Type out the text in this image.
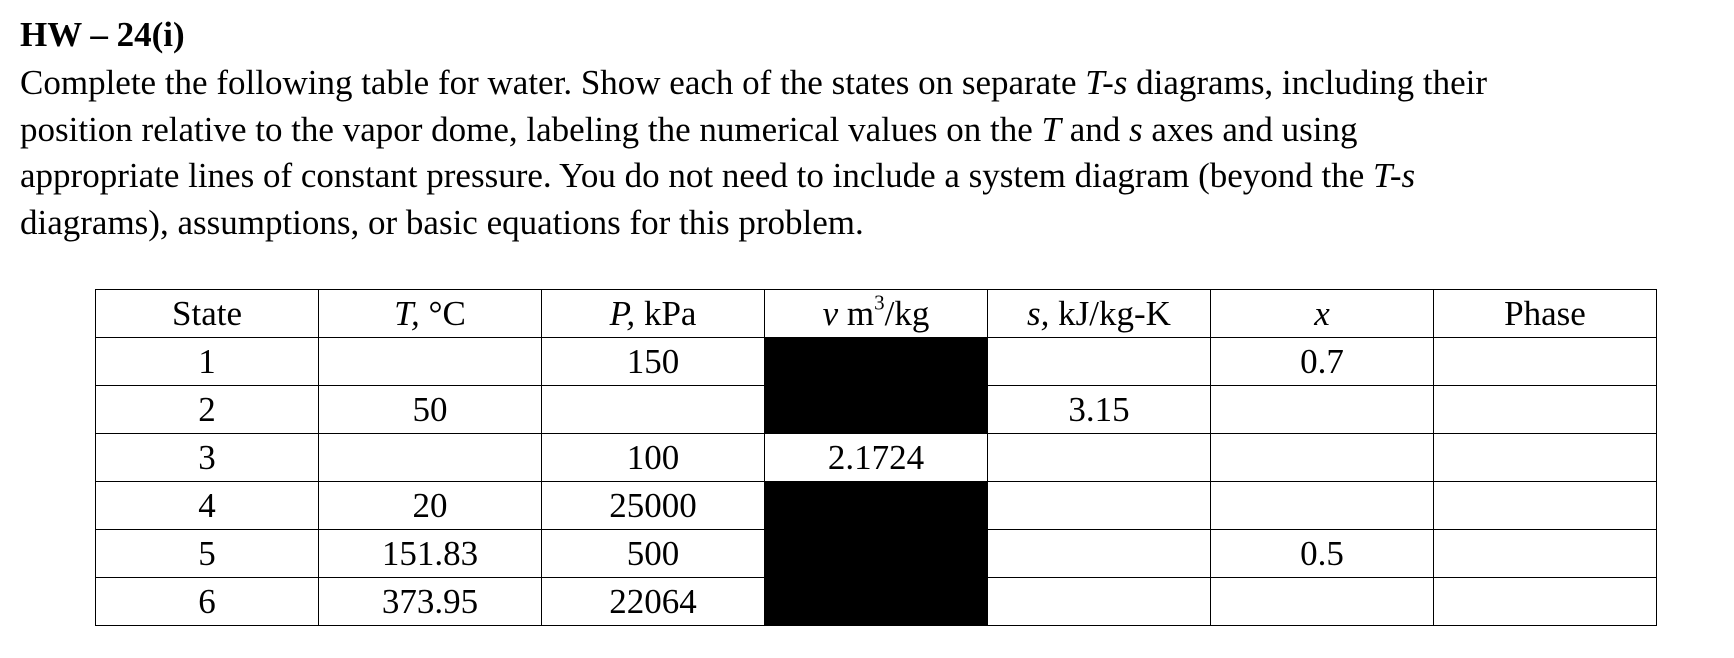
HW – 24(i)
Complete the following table for water. Show each of the states on separate T-s diagrams, including their
position relative to the vapor dome, labeling the numerical values on the T and s axes and using
appropriate lines of constant pressure. You do not need to include a system diagram (beyond the T-s
diagrams), assumptions, or basic equations for this problem.
State	T, °C	P, kPa	v $m^3/kg$	s, kJ/kg-K	x	Phase
1		150			0.7	
2	50			3.15		
3		100	2.1724			
4	20	25000				
5	151.83	500			0.5	
6	373.95	22064				
